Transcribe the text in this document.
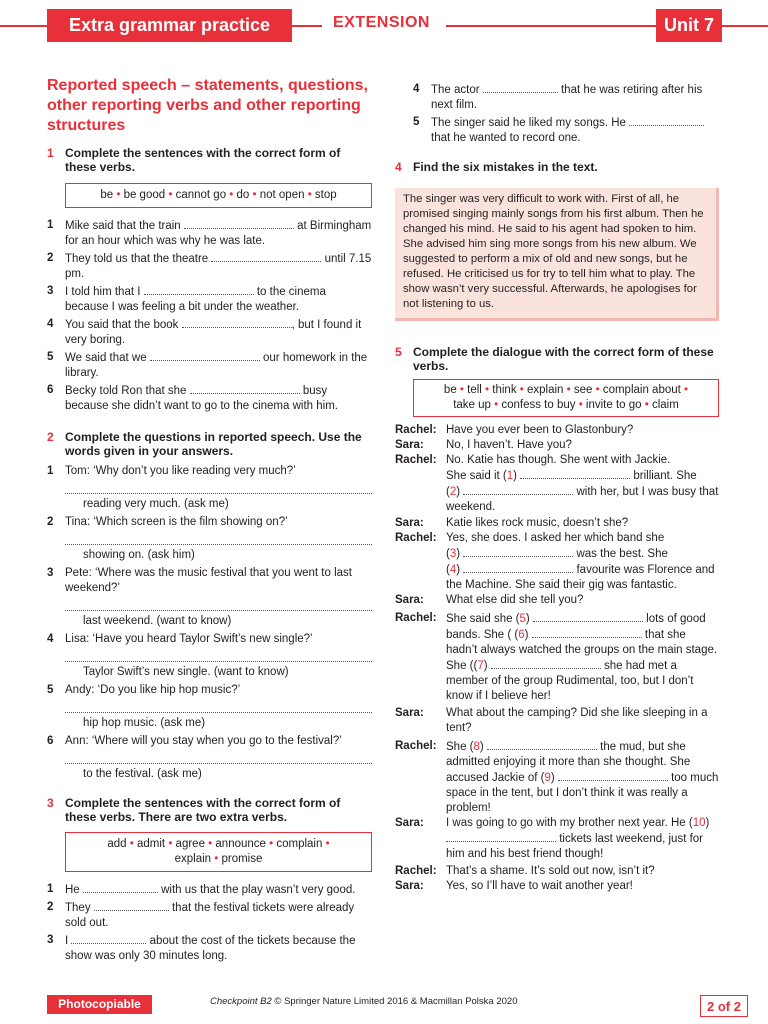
Extra grammar practice	EXTENSION	Unit 7
Reported speech – statements, questions, other reporting verbs and other reporting structures
1 Complete the sentences with the correct form of these verbs.
be • be good • cannot go • do • not open • stop
1	Mike said that the train	at Birmingham for an hour which was why he was late.

2	They told us that the theatre	until 7.15 pm.

3	I told him that I	to the cinema because I was feeling a bit under the weather.

4	You said that the book	, but I found it very boring.

5	We said that we	our homework in the library.

6	Becky told Ron that she	busy because she didn’t want to go to the cinema with him.

2 Complete the questions in reported speech. Use the words given in your answers.
1	Tom: ‘Why don’t you like reading very much?’

reading very much. (ask me)
2	Tina: ‘Which screen is the film showing on?’

showing on. (ask him)
3	Pete: ‘Where was the music festival that you went to last weekend?’

last weekend. (want to know)
4	Lisa: ‘Have you heard Taylor Swift’s new single?’

Taylor Swift’s new single. (want to know)
5	Andy: ‘Do you like hip hop music?’

hip hop music. (ask me)
6	Ann: ‘Where will you stay when you go to the festival?’

to the festival. (ask me)
3 Complete the sentences with the correct form of these verbs. There are two extra verbs.
add • admit • agree • announce • complain •
explain • promise
1	He	with us that the play wasn’t very good.

2	They	that the festival tickets were already sold out.

3	I	about the cost of the tickets because the show was only 30 minutes long.

4	The actor	that he was retiring after his next film.

5	The singer said he liked my songs. He  that he wanted to record one.

4 Find the six mistakes in the text.
The singer was very difficult to work with. First of all, he promised singing mainly songs from his first album. Then he changed his mind. He said to his agent had spoken to him. She advised him sing more songs from his new album. We suggested to perform a mix of old and new songs, but he refused. He criticised us for try to tell him what to play. The show wasn’t very successful. Afterwards, he apologises for not listening to us.
5 Complete the dialogue with the correct form of these verbs.
be • tell • think • explain • see • complain about •
take up • confess to buy • invite to go • claim
Rachel: Have you ever been to Glastonbury?
Sara:	No, I haven’t. Have you?
Rachel: No. Katie has though. She went with Jackie.
She said it (1)	brilliant. She
(2)	with her, but I was busy that weekend.
Sara:	Katie likes rock music, doesn’t she?
Rachel: Yes, she does. I asked her which band she
(3)	was the best. She
(4)	favourite was Florence and the Machine. She said their gig was fantastic.
Sara:	What else did she tell you?
Rachel: She said she (5)	lots of good bands. She ( (6)	that she hadn’t always watched the groups on the main stage. She ((7)	she had met a member of the group Rudimental, too, but I don’t know if I believe her!
Sara:	What about the camping? Did she like sleeping in a tent?
Rachel: She (8)	the mud, but she admitted enjoying it more than she thought. She accused Jackie of (9)	too much space in the tent, but I don’t think it was really a problem!
Sara:	I was going to go with my brother next year. He (10)  tickets last weekend, just for him and his best friend though!
Rachel: That’s a shame. It’s sold out now, isn’t it?
Sara:	Yes, so I’ll have to wait another year!
Photocopiable	Checkpoint B2 © Springer Nature Limited 2016 & Macmillan Polska 2020	2 of 2
